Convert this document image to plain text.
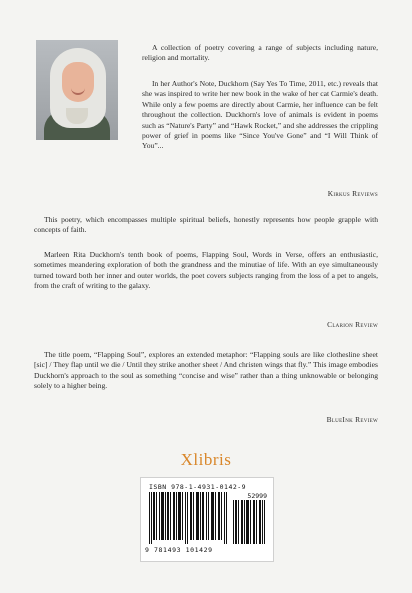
A collection of poetry covering a range of subjects including nature, religion and mortality.

In her Author's Note, Duckhorn (Say Yes To Time, 2011, etc.) reveals that she was inspired to write her new book in the wake of her cat Carmie's death. While only a few poems are directly about Carmie, her influence can be felt throughout the collection. Duckhorn's love of animals is evident in poems such as “Nature's Party” and “Hawk Rocket,” and she addresses the crippling power of grief in poems like “Since You've Gone” and “I Will Think of You”...

Kirkus Reviews

This poetry, which encompasses multiple spiritual beliefs, honestly represents how people grapple with concepts of faith.

Marleen Rita Duckhorn's tenth book of poems, Flapping Soul, Words in Verse, offers an enthusiastic, sometimes meandering exploration of both the grandness and the minutiae of life. With an eye simultaneously turned toward both her inner and outer worlds, the poet covers subjects ranging from the loss of a pet to angels, from the craft of writing to the galaxy.

Clarion Review

The title poem, “Flapping Soul”, explores an extended metaphor: “Flapping souls are like clothesline sheet [sic] / They flap until we die / Until they strike another sheet / And christen wings that fly.” This image embodies Duckhorn's approach to the soul as something “concise and wise” rather than a thing unknowable or belonging solely to a higher being.

BlueInk Review
Xlibris
ISBN 978-1-4931-0142-9
52999
9 781493 101429
